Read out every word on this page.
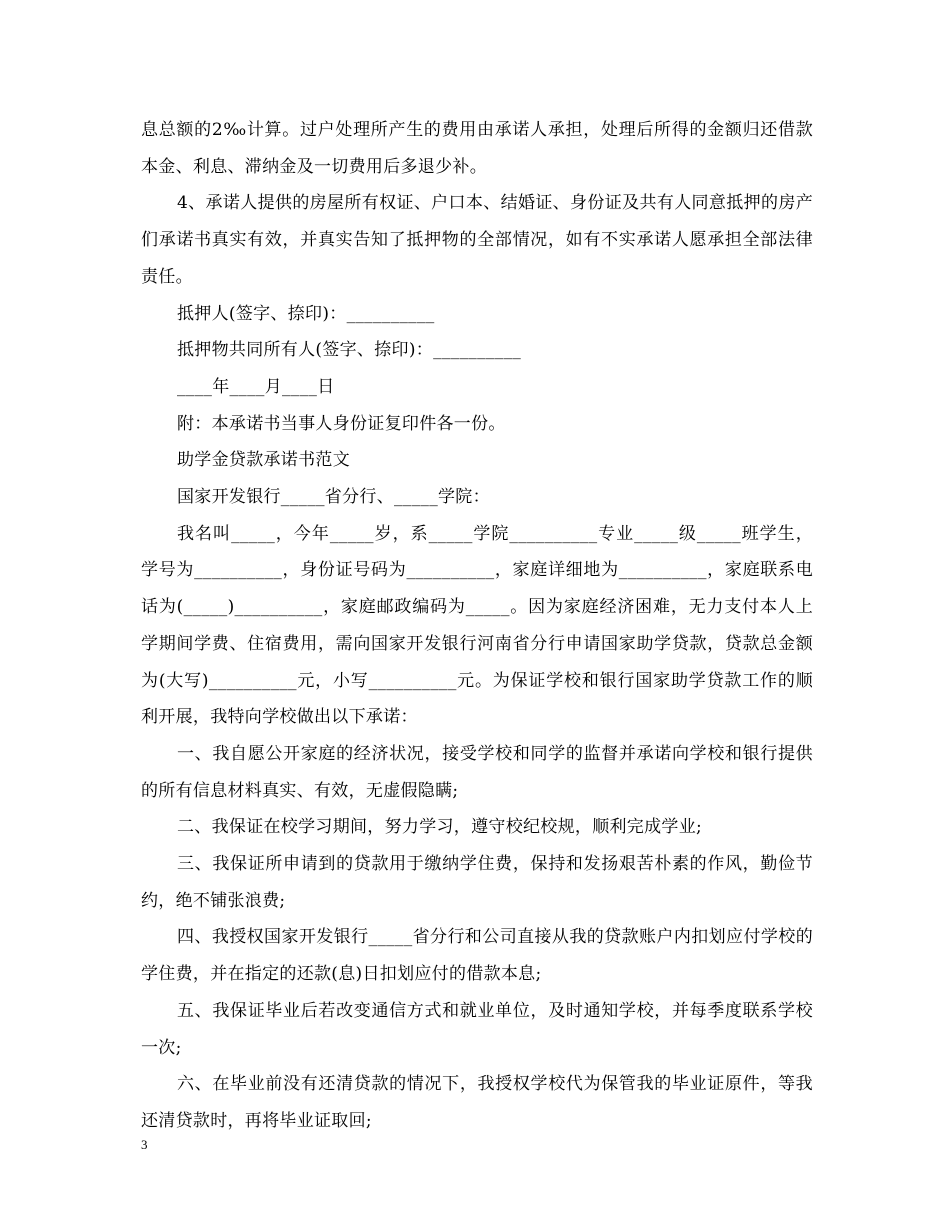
息总额的2‰计算。过户处理所产生的费用由承诺人承担，处理后所得的金额归还借款本金、利息、滞纳金及一切费用后多退少补。

4、承诺人提供的房屋所有权证、户口本、结婚证、身份证及共有人同意抵押的房产们承诺书真实有效，并真实告知了抵押物的全部情况，如有不实承诺人愿承担全部法律责任。

抵押人(签字、捺印)：__________

抵押物共同所有人(签字、捺印)：__________

____年____月____日

附：本承诺书当事人身份证复印件各一份。

助学金贷款承诺书范文

国家开发银行_____省分行、_____学院：

我名叫_____，今年_____岁，系_____学院__________专业_____级_____班学生，学号为__________，身份证号码为__________，家庭详细地为__________，家庭联系电话为(_____)__________，家庭邮政编码为_____。因为家庭经济困难，无力支付本人上学期间学费、住宿费用，需向国家开发银行河南省分行申请国家助学贷款，贷款总金额为(大写)__________元，小写__________元。为保证学校和银行国家助学贷款工作的顺利开展，我特向学校做出以下承诺：

一、我自愿公开家庭的经济状况，接受学校和同学的监督并承诺向学校和银行提供的所有信息材料真实、有效，无虚假隐瞒;

二、我保证在校学习期间，努力学习，遵守校纪校规，顺利完成学业;

三、我保证所申请到的贷款用于缴纳学住费，保持和发扬艰苦朴素的作风，勤俭节约，绝不铺张浪费;

四、我授权国家开发银行_____省分行和公司直接从我的贷款账户内扣划应付学校的学住费，并在指定的还款(息)日扣划应付的借款本息;

五、我保证毕业后若改变通信方式和就业单位，及时通知学校，并每季度联系学校一次;

六、在毕业前没有还清贷款的情况下，我授权学校代为保管我的毕业证原件，等我还清贷款时，再将毕业证取回;

3
